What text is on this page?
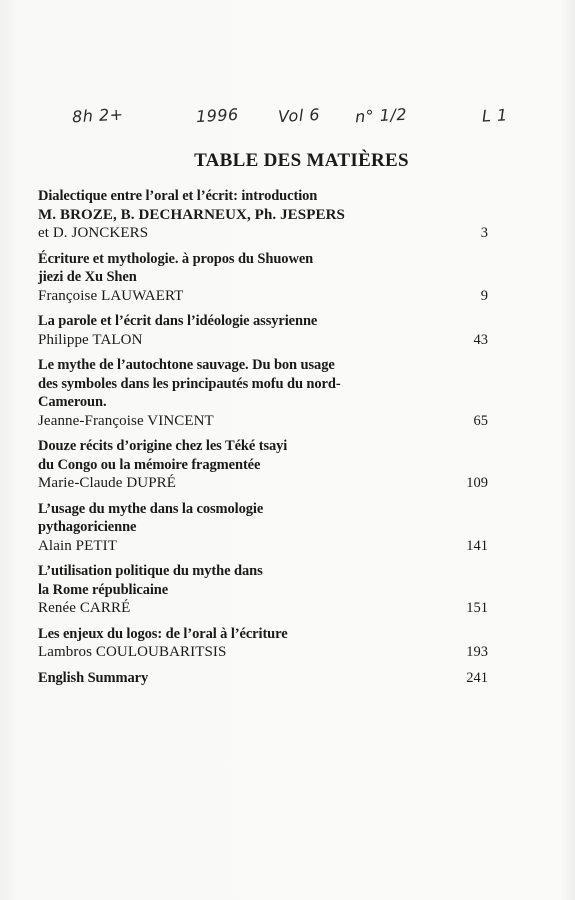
8h 2+	1996 Vol 6 n° 1/2	L 1
TABLE DES MATIÈRES
Dialectique entre l’oral et l’écrit: introduction
M. BROZE, B. DECHARNEUX, Ph. JESPERS
et D. JONCKERS	3
Écriture et mythologie. à propos du Shuowen
jiezi de Xu Shen
Françoise LAUWAERT	9
La parole et l’écrit dans l’idéologie assyrienne
Philippe TALON	43
Le mythe de l’autochtone sauvage. Du bon usage
des symboles dans les principautés mofu du nord-
Cameroun.
Jeanne-Françoise VINCENT	65
Douze récits d’origine chez les Téké tsayi
du Congo ou la mémoire fragmentée
Marie-Claude DUPRÉ	109
L’usage du mythe dans la cosmologie
pythagoricienne
Alain PETIT	141
L’utilisation politique du mythe dans
la Rome républicaine
Renée CARRÉ	151
Les enjeux du logos: de l’oral à l’écriture
Lambros COULOUBARITSIS	193
English Summary	241
